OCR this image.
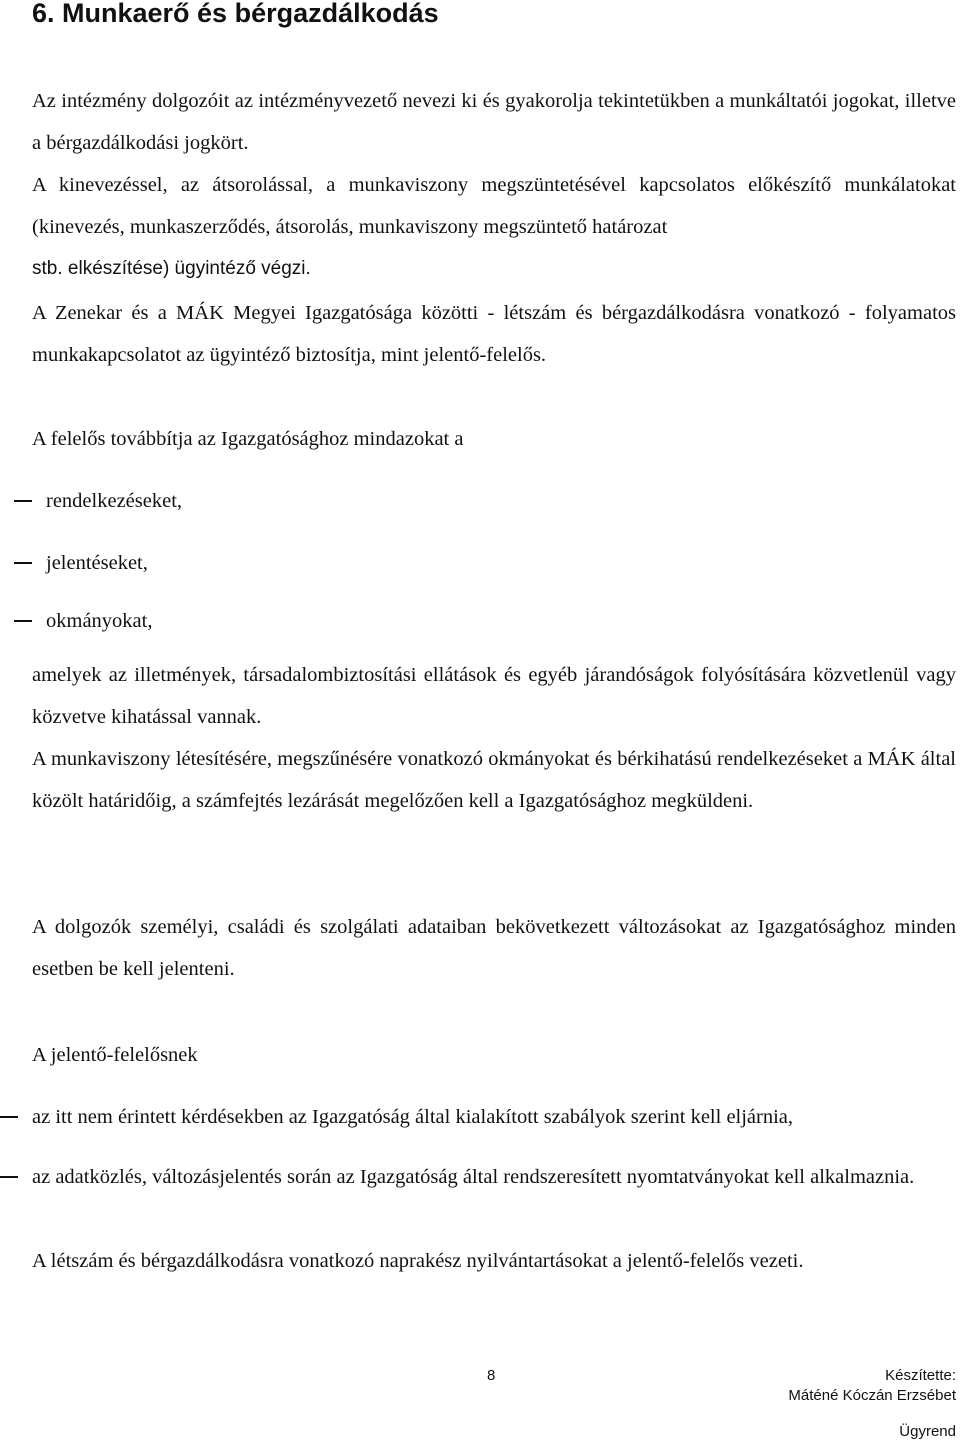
6. Munkaerő és bérgazdálkodás
Az intézmény dolgozóit az intézményvezető nevezi ki és gyakorolja tekintetükben a munkáltatói jogokat, illetve a bérgazdálkodási jogkört.
A kinevezéssel, az átsorolással, a munkaviszony megszüntetésével kapcsolatos előkészítő munkálatokat (kinevezés, munkaszerződés, átsorolás, munkaviszony megszüntető határozat
stb. elkészítése) ügyintéző végzi.
A Zenekar és a MÁK Megyei Igazgatósága közötti - létszám és bérgazdálkodásra vonatkozó - folyamatos munkakapcsolatot az ügyintéző biztosítja, mint jelentő-felelős.
A felelős továbbítja az Igazgatósághoz mindazokat a
rendelkezéseket,
jelentéseket,
okmányokat,
amelyek az illetmények, társadalombiztosítási ellátások és egyéb járandóságok folyósítására közvetlenül vagy közvetve kihatással vannak.
A munkaviszony létesítésére, megszűnésére vonatkozó okmányokat és bérkihatású rendelkezéseket a MÁK által közölt határidőig, a számfejtés lezárását megelőzően kell a Igazgatósághoz megküldeni.
A dolgozók személyi, családi és szolgálati adataiban bekövetkezett változásokat az Igazgatósághoz minden esetben be kell jelenteni.
A jelentő-felelősnek
az itt nem érintett kérdésekben az Igazgatóság által kialakított szabályok szerint kell eljárnia,
az adatközlés, változásjelentés során az Igazgatóság által rendszeresített nyomtatványokat kell alkalmaznia.
A létszám és bérgazdálkodásra vonatkozó naprakész nyilvántartásokat a jelentő-felelős vezeti.
8	Készítette:
Máténé Kóczán Erzsébet
Ügyrend
